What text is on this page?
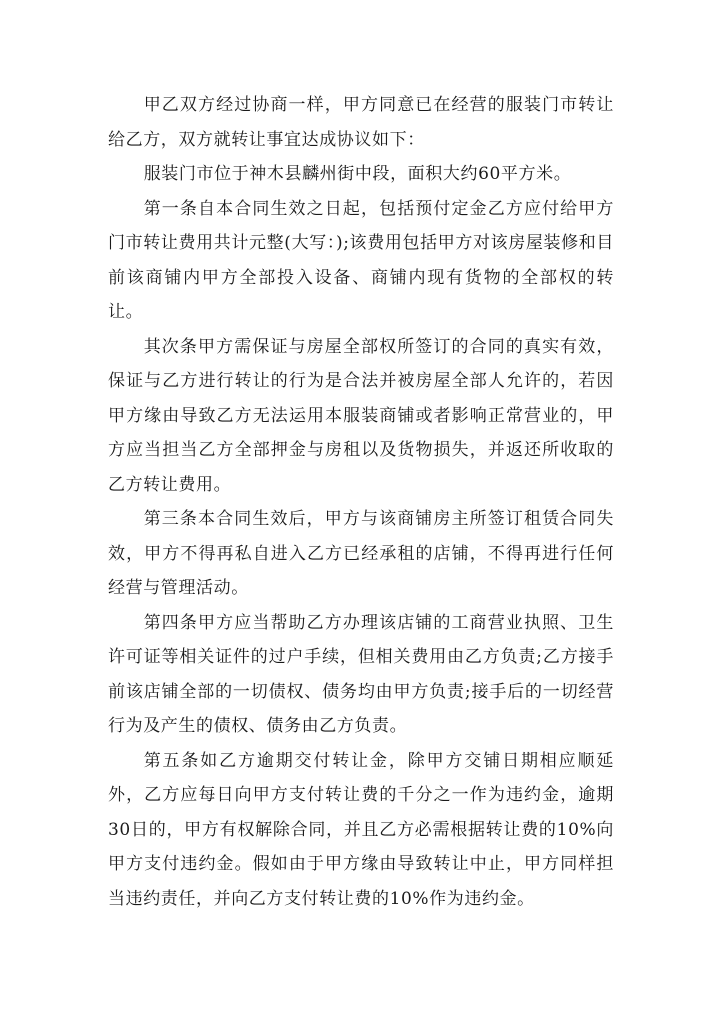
甲乙双方经过协商一样，甲方同意已在经营的服装门市转让给乙方，双方就转让事宜达成协议如下：

服装门市位于神木县麟州街中段，面积大约60平方米。

第一条自本合同生效之日起，包括预付定金乙方应付给甲方门市转让费用共计元整(大写：);该费用包括甲方对该房屋装修和目前该商铺内甲方全部投入设备、商铺内现有货物的全部权的转让。

其次条甲方需保证与房屋全部权所签订的合同的真实有效，保证与乙方进行转让的行为是合法并被房屋全部人允许的，若因甲方缘由导致乙方无法运用本服装商铺或者影响正常营业的，甲方应当担当乙方全部押金与房租以及货物损失，并返还所收取的乙方转让费用。

第三条本合同生效后，甲方与该商铺房主所签订租赁合同失效，甲方不得再私自进入乙方已经承租的店铺，不得再进行任何经营与管理活动。

第四条甲方应当帮助乙方办理该店铺的工商营业执照、卫生许可证等相关证件的过户手续，但相关费用由乙方负责;乙方接手前该店铺全部的一切债权、债务均由甲方负责;接手后的一切经营行为及产生的债权、债务由乙方负责。

第五条如乙方逾期交付转让金，除甲方交铺日期相应顺延外，乙方应每日向甲方支付转让费的千分之一作为违约金，逾期30日的，甲方有权解除合同，并且乙方必需根据转让费的10%向甲方支付违约金。假如由于甲方缘由导致转让中止，甲方同样担当违约责任，并向乙方支付转让费的10%作为违约金。
